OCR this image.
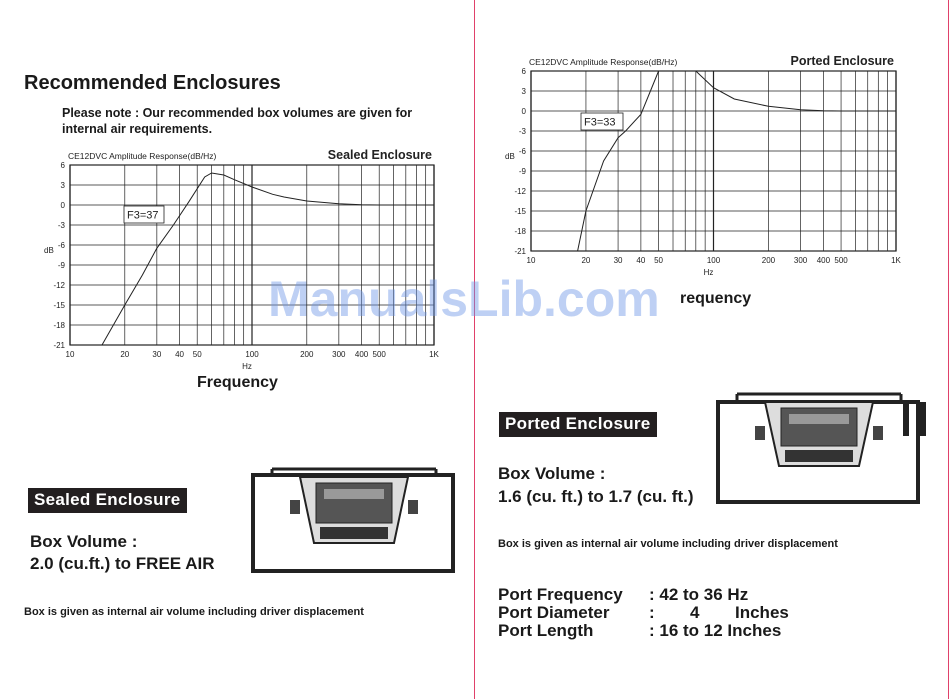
Recommended Enclosures
Please note : Our recommended box volumes are given for
internal air requirements.
6
3
0
-3
-6
-9
-12
-15
-18
-21
10	20	30 40 50	100	200 300 400 500	1K
Hz
dB
CE12DVC Amplitude Response(dB/Hz)	Sealed Enclosure
F3=37
Frequency
Sealed Enclosure
Box Volume :
2.0 (cu.ft.) to FREE AIR
Box is given as internal air volume including driver displacement
6
3
0
-3
-6
-9
-12
-15
-18
-21
10	20	30 40 50	100	200 300 400 500	1K
Hz
dB
CE12DVC Amplitude Response(dB/Hz)	Ported Enclosure
F3=33
requency
Ported Enclosure
Box Volume :
1.6 (cu. ft.) to 1.7 (cu. ft.)
Box is given as internal air volume including driver displacement
Port Frequency : 42 to 36 Hz
Port Diameter : 4 Inches
Port Length	: 16 to 12 Inches
ManualsLib.com
